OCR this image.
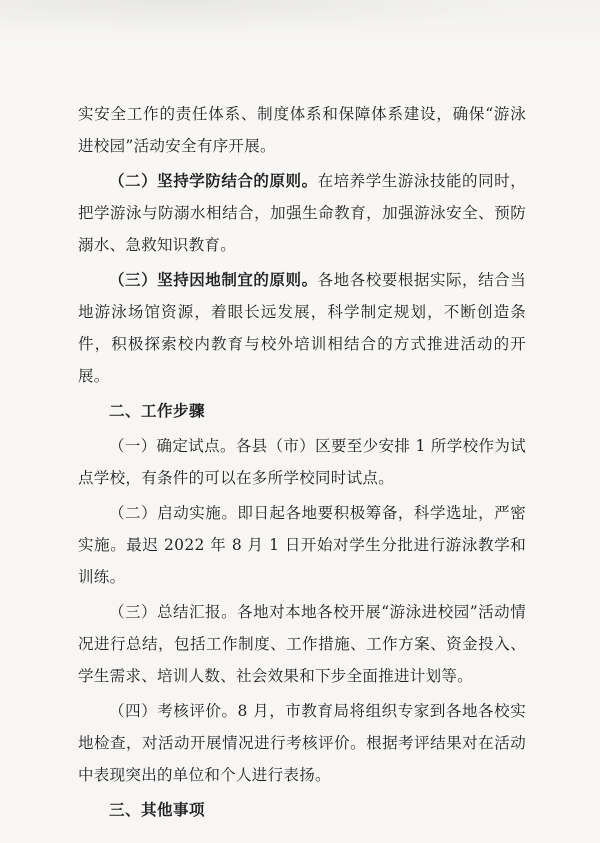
实安全工作的责任体系、制度体系和保障体系建设，确保“游泳进校园”活动安全有序开展。

（二）坚持学防结合的原则。在培养学生游泳技能的同时，把学游泳与防溺水相结合，加强生命教育，加强游泳安全、预防溺水、急救知识教育。

（三）坚持因地制宜的原则。各地各校要根据实际，结合当地游泳场馆资源，着眼长远发展，科学制定规划，不断创造条件，积极探索校内教育与校外培训相结合的方式推进活动的开展。

二、工作步骤

（一）确定试点。各县（市）区要至少安排 1 所学校作为试点学校，有条件的可以在多所学校同时试点。

（二）启动实施。即日起各地要积极筹备，科学选址，严密实施。最迟 2022 年 8 月 1 日开始对学生分批进行游泳教学和训练。

（三）总结汇报。各地对本地各校开展“游泳进校园”活动情况进行总结，包括工作制度、工作措施、工作方案、资金投入、学生需求、培训人数、社会效果和下步全面推进计划等。

（四）考核评价。8 月，市教育局将组织专家到各地各校实地检查，对活动开展情况进行考核评价。根据考评结果对在活动中表现突出的单位和个人进行表扬。

三、其他事项
